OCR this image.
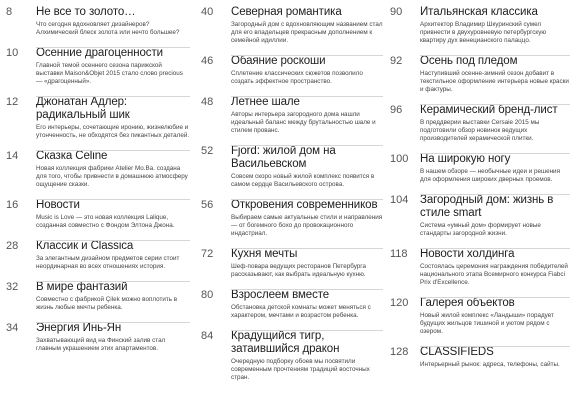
8	Не все то золото…
Что сегодня вдохновляет дизайнеров? Алхимический блеск золота или нечто большее?
10	Осенние драгоценности
Главной темой осеннего сезона парижской выставки Maison&Objet 2015 стало слово precious — «драгоценный».
12	Джонатан Адлер: радикальный шик
Его интерьеры, сочетающие иронию, жизнелюбие и утонченность, не обходятся без пикантных деталей.
14	Сказка Celine
Новая коллекция фабрики Atelier Mo.Ba. создана для того, чтобы привнести в домашнюю атмосферу ощущение сказки.
16	Новости
Music is Love — это новая коллекция Lalique, созданная совместно с Фондом Элтона Джона.
28	Классик и Classica
За элегантным дизайном предметов серии стоит неординарная во всех отношениях история.
32	В мире фантазий
Совместно с фабрикой Çilek можно воплотить в жизнь любые мечты ребенка.
34	Энергия Инь-Ян
Захватывающий вид на Финский залив стал главным украшением этих апартаментов.
40	Северная романтика
Загородный дом с вдохновляющим названием стал для его владельцев прекрасным дополнением к семейной идиллии.
46	Обаяние роскоши
Сплетение классических сюжетов позволило создать эффектное пространство.
48	Летнее шале
Авторы интерьера загородного дома нашли идеальный баланс между брутальностью шале и стилем прованс.
52	Fjord: жилой дом на Васильевском
Совсем скоро новый жилой комплекс появится в самом сердце Васильевского острова.
56	Откровения современников
Выбираем самые актуальные стили и направления — от богемного бохо до провокационного индастриал.
72	Кухня мечты
Шеф-повара ведущих ресторанов Петербурга рассказывают, как выбрать идеальную кухню.
80	Взрослеем вместе
Обстановка детской комнаты может меняться с характером, мечтами и возрастом ребенка.
84	Крадущийся тигр, затаившийся дракон
Очередную подборку обоев мы посвятили современным прочтениям традиций восточных стран.
90	Итальянская классика
Архитектор Владимир Шкуринский сумел привнести в двухуровневую петербургскую квартиру дух венецианского палаццо.
92	Осень под пледом
Наступивший осенне-зимний сезон добавит в текстильное оформление интерьера новые краски и фактуры.
96	Керамический бренд-лист
В преддверии выставки Cersaie 2015 мы подготовили обзор новинок ведущих производителей керамической плитки.
100	На широкую ногу
В нашем обзоре — необычные идеи и решения для оформления широких дверных проемов.
104	Загородный дом: жизнь в стиле smart
Система «умный дом» формирует новые стандарты загородной жизни.
118	Новости холдинга
Состоялась церемония награждения победителей национального этапа Всемирного конкурса Fiabci Prix d'Excellence.
120	Галерея объектов
Новый жилой комплекс «Ландыши» порадует будущих жильцов тишиной и уютом рядом с озером.
128	CLASSIFIEDS
Интерьерный рынок: адреса, телефоны, сайты.
